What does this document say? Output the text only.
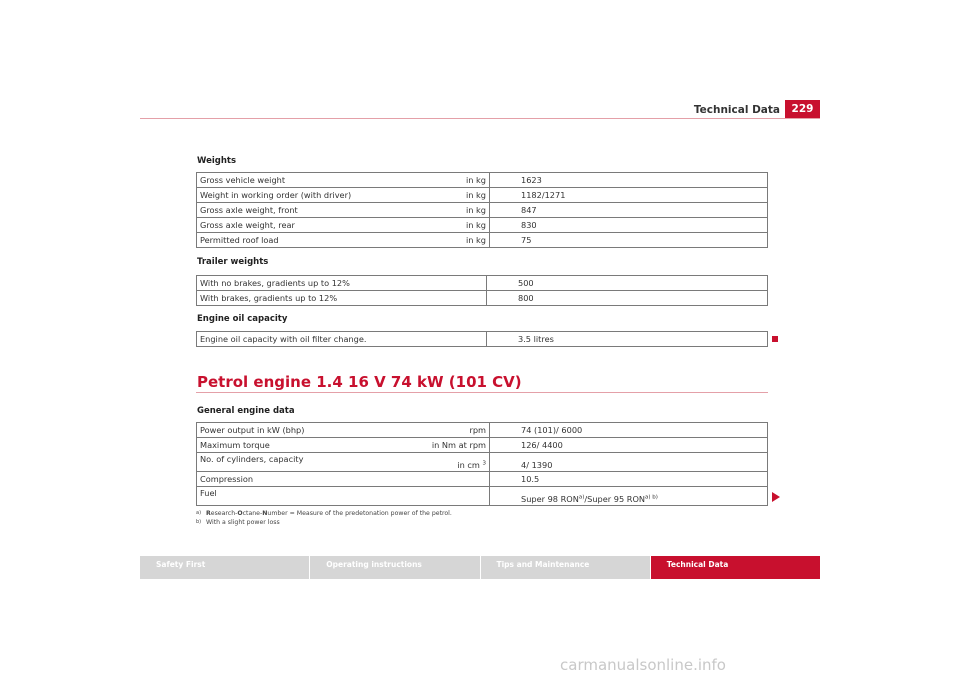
Technical Data	229
Weights
Gross vehicle weight	in kg	1623
Weight in working order (with driver)	in kg	1182/1271
Gross axle weight, front	in kg	847
Gross axle weight, rear	in kg	830
Permitted roof load	in kg	75
Trailer weights
With no brakes, gradients up to 12%	500
With brakes, gradients up to 12%	800
Engine oil capacity
Engine oil capacity with oil filter change.	3.5 litres
Petrol engine 1.4 16 V 74 kW (101 CV)
General engine data
Power output in kW (bhp)	rpm	74 (101)/ 6000
Maximum torque	in Nm at rpm	126/ 4400
No. of cylinders, capacity	in cm $^3$	4/ 1390
Compression		10.5
Fuel		Super 98 RON$^{a)}$/Super 95 $RON^{a) b)}$
a) Research-Octane-Number = Measure of the predetonation power of the petrol.
b) With a slight power loss
Safety First	Operating instructions	Tips and Maintenance	Technical Data
carmanualsonline.info
